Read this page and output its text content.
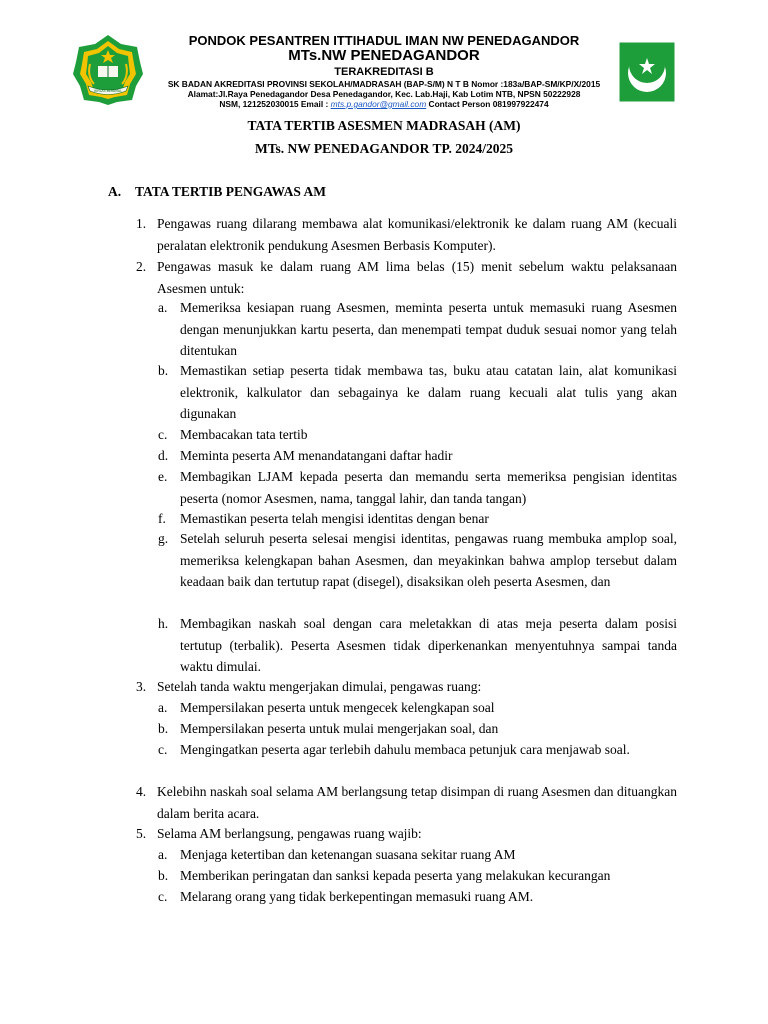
IKHLAS BERAMAL
PONDOK PESANTREN ITTIHADUL IMAN NW PENEDAGANDOR
MTs.NW PENEDAGANDOR
TERAKREDITASI B
SK BADAN AKREDITASI PROVINSI SEKOLAH/MADRASAH (BAP-S/M) N T B Nomor :183a/BAP-SM/KP/X/2015
Alamat:Jl.Raya Penedagandor Desa Penedagandor, Kec. Lab.Haji, Kab Lotim NTB, NPSN 50222928
NSM, 121252030015 Email : mts.p.gandor@gmail.com Contact Person 081997922474
TATA TERTIB ASESMEN MADRASAH (AM)
MTs. NW PENEDAGANDOR TP. 2024/2025
A. TATA TERTIB PENGAWAS AM
1. Pengawas ruang dilarang membawa alat komunikasi/elektronik ke dalam ruang AM (kecuali peralatan elektronik pendukung Asesmen Berbasis Komputer).
2. Pengawas masuk ke dalam ruang AM lima belas (15) menit sebelum waktu pelaksanaan Asesmen untuk:
a. Memeriksa kesiapan ruang Asesmen, meminta peserta untuk memasuki ruang Asesmen dengan menunjukkan kartu peserta, dan menempati tempat duduk sesuai nomor yang telah ditentukan
b. Memastikan setiap peserta tidak membawa tas, buku atau catatan lain, alat komunikasi elektronik, kalkulator dan sebagainya ke dalam ruang kecuali alat tulis yang akan digunakan
c. Membacakan tata tertib
d. Meminta peserta AM menandatangani daftar hadir
e. Membagikan LJAM kepada peserta dan memandu serta memeriksa pengisian identitas peserta (nomor Asesmen, nama, tanggal lahir, dan tanda tangan)
f. Memastikan peserta telah mengisi identitas dengan benar
g. Setelah seluruh peserta selesai mengisi identitas, pengawas ruang membuka amplop soal, memeriksa kelengkapan bahan Asesmen, dan meyakinkan bahwa amplop tersebut dalam keadaan baik dan tertutup rapat (disegel), disaksikan oleh peserta Asesmen, dan
h. Membagikan naskah soal dengan cara meletakkan di atas meja peserta dalam posisi tertutup (terbalik). Peserta Asesmen tidak diperkenankan menyentuhnya sampai tanda waktu dimulai.
3. Setelah tanda waktu mengerjakan dimulai, pengawas ruang:
a. Mempersilakan peserta untuk mengecek kelengkapan soal
b. Mempersilakan peserta untuk mulai mengerjakan soal, dan
c. Mengingatkan peserta agar terlebih dahulu membaca petunjuk cara menjawab soal.
4. Kelebihn naskah soal selama AM berlangsung tetap disimpan di ruang Asesmen dan dituangkan dalam berita acara.
5. Selama AM berlangsung, pengawas ruang wajib:
a. Menjaga ketertiban dan ketenangan suasana sekitar ruang AM
b. Memberikan peringatan dan sanksi kepada peserta yang melakukan kecurangan
c. Melarang orang yang tidak berkepentingan memasuki ruang AM.
